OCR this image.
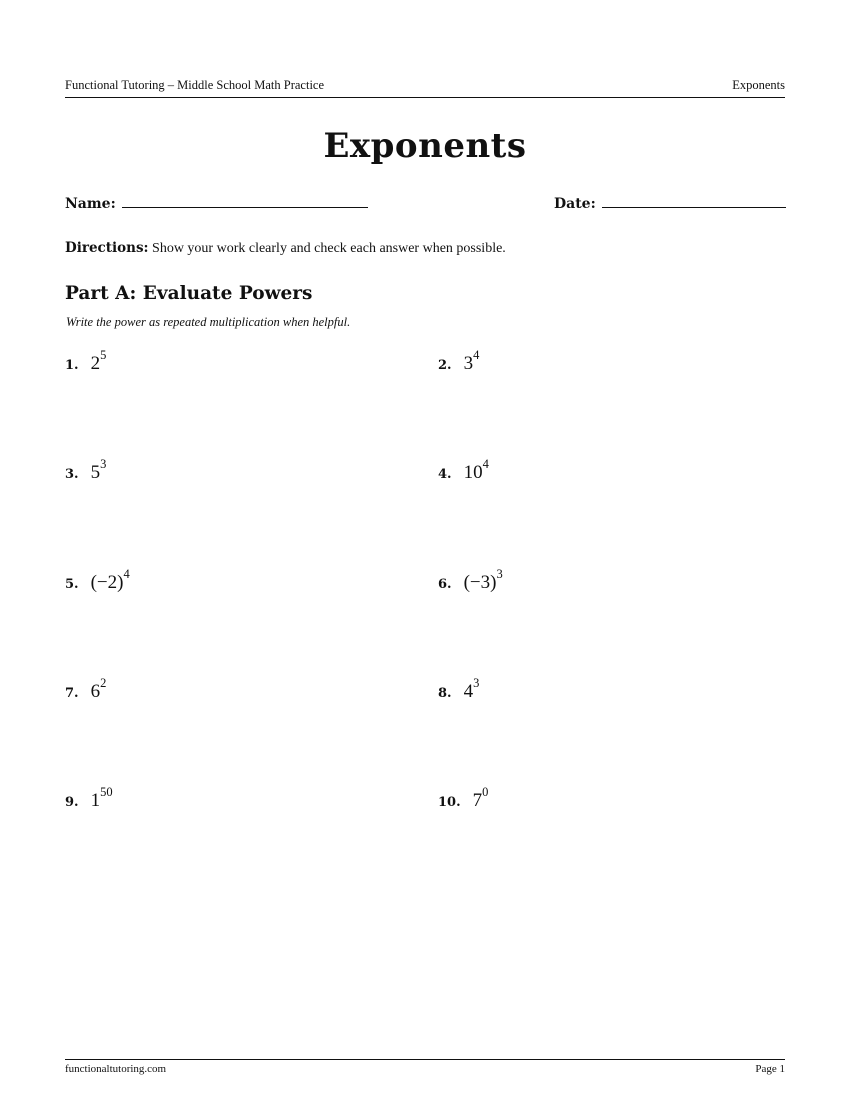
Functional Tutoring – Middle School Math Practice	Exponents
Exponents
Name:	Date:
Directions: Show your work clearly and check each answer when possible.
Part A: Evaluate Powers
Write the power as repeated multiplication when helpful.
1. $2^5$
2. $3^4$
3. $5^3$
4. $10^4$
5. $(-2)^4$
6. $(-3)^3$
7. $6^2$
8. $4^3$
9. $1^{50}$
10. $7^0$
functionaltutoring.com	Page 1
